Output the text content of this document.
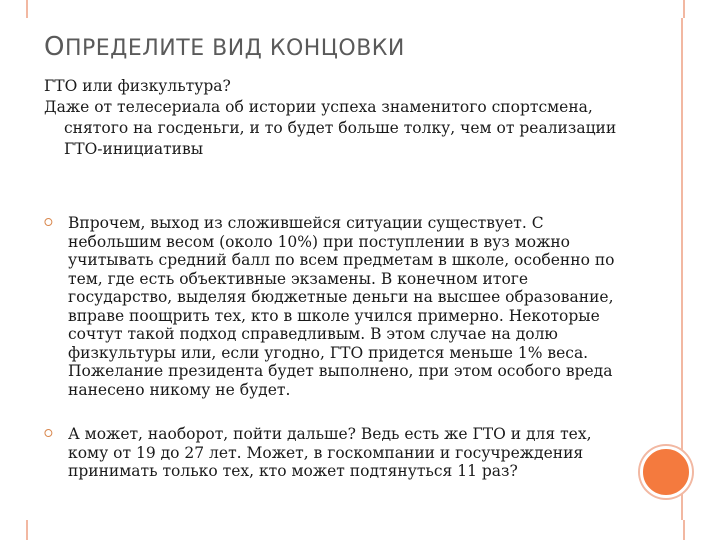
ОПРЕДЕЛИТЕ ВИД КОНЦОВКИ

ГТО или физкультура?

Даже от телесериала об истории успеха знаменитого спортсмена, снятого на госденьги, и то будет больше толку, чем от реализации ГТО-инициативы

⭘ Впрочем, выход из сложившейся ситуации существует. С небольшим весом (около 10%) при поступлении в вуз можно учитывать средний балл по всем предметам в школе, особенно по тем, где есть объективные экзамены. В конечном итоге государство, выделяя бюджетные деньги на высшее образование, вправе поощрить тех, кто в школе учился примерно. Некоторые сочтут такой подход справедливым. В этом случае на долю физкультуры или, если угодно, ГТО придется меньше 1% веса. Пожелание президента будет выполнено, при этом особого вреда нанесено никому не будет.
⭘ А может, наоборот, пойти дальше? Ведь есть же ГТО и для тех, кому от 19 до 27 лет. Может, в госкомпании и госучреждения принимать только тех, кто может подтянуться 11 раз?
